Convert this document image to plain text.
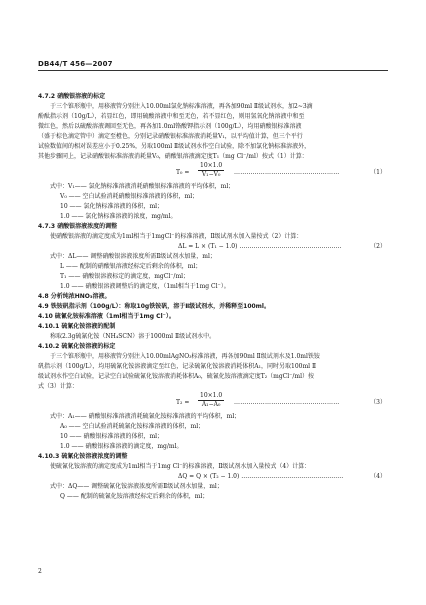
DB44/T 456—2007
4.7.2 硝酸银溶液的标定
于三个锥形瓶中，用移液管分别注入10.00ml氯化钠标准溶液，再各加90ml Ⅱ级试剂水，加2~3滴
酚酞指示剂（10g/L），若显红色，即用硫酸溶液中和至无色，若不显红色，则用氢氧化钠溶液中和至
微红色，然后以硫酸溶液调回至无色，再各加1.0ml铬酸钾指示剂（100g/L），均用硝酸银标准溶液
（盛于棕色滴定管中）滴定至橙色，分别记录硝酸银标准溶液消耗量V₁，以平均值计算，但三个平行
试验数值间的相对误差应小于0.25%，另取100ml Ⅱ级试剂水作空白试验，除不加氯化钠标准溶液外，
其他步骤同上，记录硝酸银标准溶液消耗量V₀，硝酸银溶液滴定度T₁（mg Cl⁻/ml）按式（1）计算：
$T_0 = \frac{10\times 1.0}{\text{V₁−V₀}}$ ……………………………………………	（1）
式中：V₁—— 氯化钠标准溶液消耗硝酸银标准溶液的平均体积，ml；
V₀ —— 空白试验消耗硝酸银标准溶液的体积，ml；
10 —— 氯化钠标准溶液的体积，ml；
1.0 —— 氯化钠标准溶液的浓度，mg/ml。
4.7.3 硝酸银溶液浓度的调整
使硝酸银溶液的滴定度成为1ml相当于1mgCl⁻的标准溶液，Ⅱ级试剂水加入量按式（2）计算：
ΔL = L × (T₁ − 1.0) ……………………………………………	（2）
式中：ΔL—— 调整硝酸银溶液浓度所需Ⅱ级试剂水加量，ml；
L —— 配制的硝酸银溶液经标定后剩余的体积，ml；
T₁ —— 硝酸银溶液标定的滴定度，mgCl⁻/ml；
1.0 —— 硝酸银溶液调整后的滴定度，（1ml相当于1mg Cl⁻）。
4.8 分析纯浓HNO₃溶液。
4.9 铁铵矾指示剂（100g/L）：称取10g铁铵矾，溶于Ⅱ级试剂水，并稀释至100ml。
4.10 硫氰化铵标准溶液（1ml相当于1mg Cl⁻）。
4.10.1 硫氰化铵溶液的配制
称取2.3g硫氰化铵（NH₄SCN）溶于1000ml Ⅱ级试剂水中。
4.10.2 硫氰化铵溶液的标定
于三个锥形瓶中，用移液管分别注入10.00mlAgNO₃标准溶液，再各加90ml Ⅱ级试剂水及1.0ml铁铵
矾指示剂（100g/L），均用硫氰化铵溶液滴定至红色，记录硫氰化铵溶液消耗体积A₁，同时另取100ml Ⅱ
级试剂水作空白试验，记录空白试验硫氰化铵溶液消耗体积A₀，硫氰化铵溶液滴定度T₂（mgCl⁻/ml）按
式（3）计算：
$T_2 = \frac{10\times 1.0}{\text{A₁−A₀}}$ ……………………………………………	（3）
式中：A₁—— 硝酸银标准溶液消耗硫氰化铵标准溶液的平均体积，ml；
A₀ —— 空白试验消耗硫氰化铵标准溶液的体积，ml；
10 —— 硝酸银标准溶液的体积，ml；
1.0 —— 硝酸银标准溶液的滴定度，mg/ml。
4.10.3 硫氰化铵溶液浓度的调整
使硫氰化铵溶液的滴定度成为1ml相当于1mg Cl⁻的标准溶液，Ⅱ级试剂水加入量按式（4）计算：
ΔQ = Q × (T₂ − 1.0) ……………………………………………	（4）
式中：ΔQ—— 调整硫氰化铵溶液浓度所需Ⅱ级试剂水加量，ml；
Q —— 配制的硫氰化铵溶液经标定后剩余的体积，ml；
2
